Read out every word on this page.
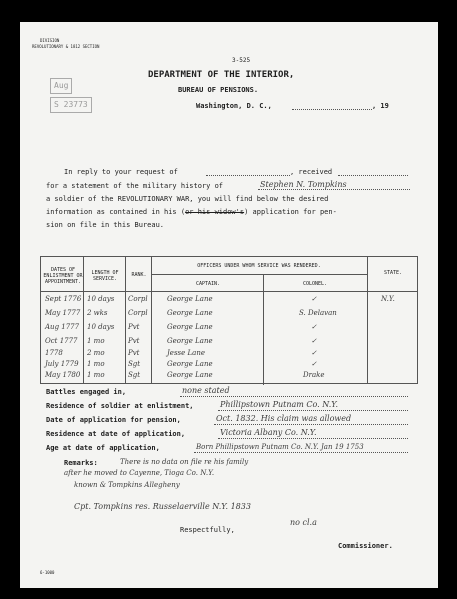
DIVISION
REVOLUTIONARY & 1812 SECTION
3-525
Aug
S 23773
DEPARTMENT OF THE INTERIOR,
BUREAU OF PENSIONS.
Washington, D. C.,	, 19
In reply to your request of	, received
for a statement of the military history of	Stephen N. Tompkins
a soldier of the REVOLUTIONARY WAR, you will find below the desired
information as contained in his (or his widow's) application for pen-
sion on file in this Bureau.
DATES OF ENLISTMENT OR APPOINTMENT.
LENGTH OF SERVICE.
RANK.
OFFICERS UNDER WHOM SERVICE WAS RENDERED.
CAPTAIN.	COLONEL.
STATE.
Sept 1776 10 days Corpl	George Lane	✓	N.Y.
May 1777 2 wks	Corpl	George Lane	S. Delavan
Aug 1777 10 days Pvt	George Lane	✓
Oct 1777 1 mo	Pvt	George Lane	✓
1778	2 mo	Pvt	Jesse Lane	✓
July 1779 1 mo	Sgt	George Lane	✓
May 1780 1 mo	Sgt	George Lane	Drake
Battles engaged in,	none stated
Residence of soldier at enlistment,	Phillipstown Putnam Co. N.Y.
Date of application for pension,	Oct. 1832. His claim was allowed
Residence at date of application,	Victoria Albany Co. N.Y.
Age at date of application,	Born Phillipstown Putnam Co. N.Y. Jan 19 1753
Remarks:	There is no data on file re his family
after he moved to Cayenne, Tioga Co. N.Y.
known & Tompkins Allegheny
Cpt. Tompkins res. Russelaerville N.Y. 1833
Respectfully,
no cl.a
Commissioner.
6-1000
